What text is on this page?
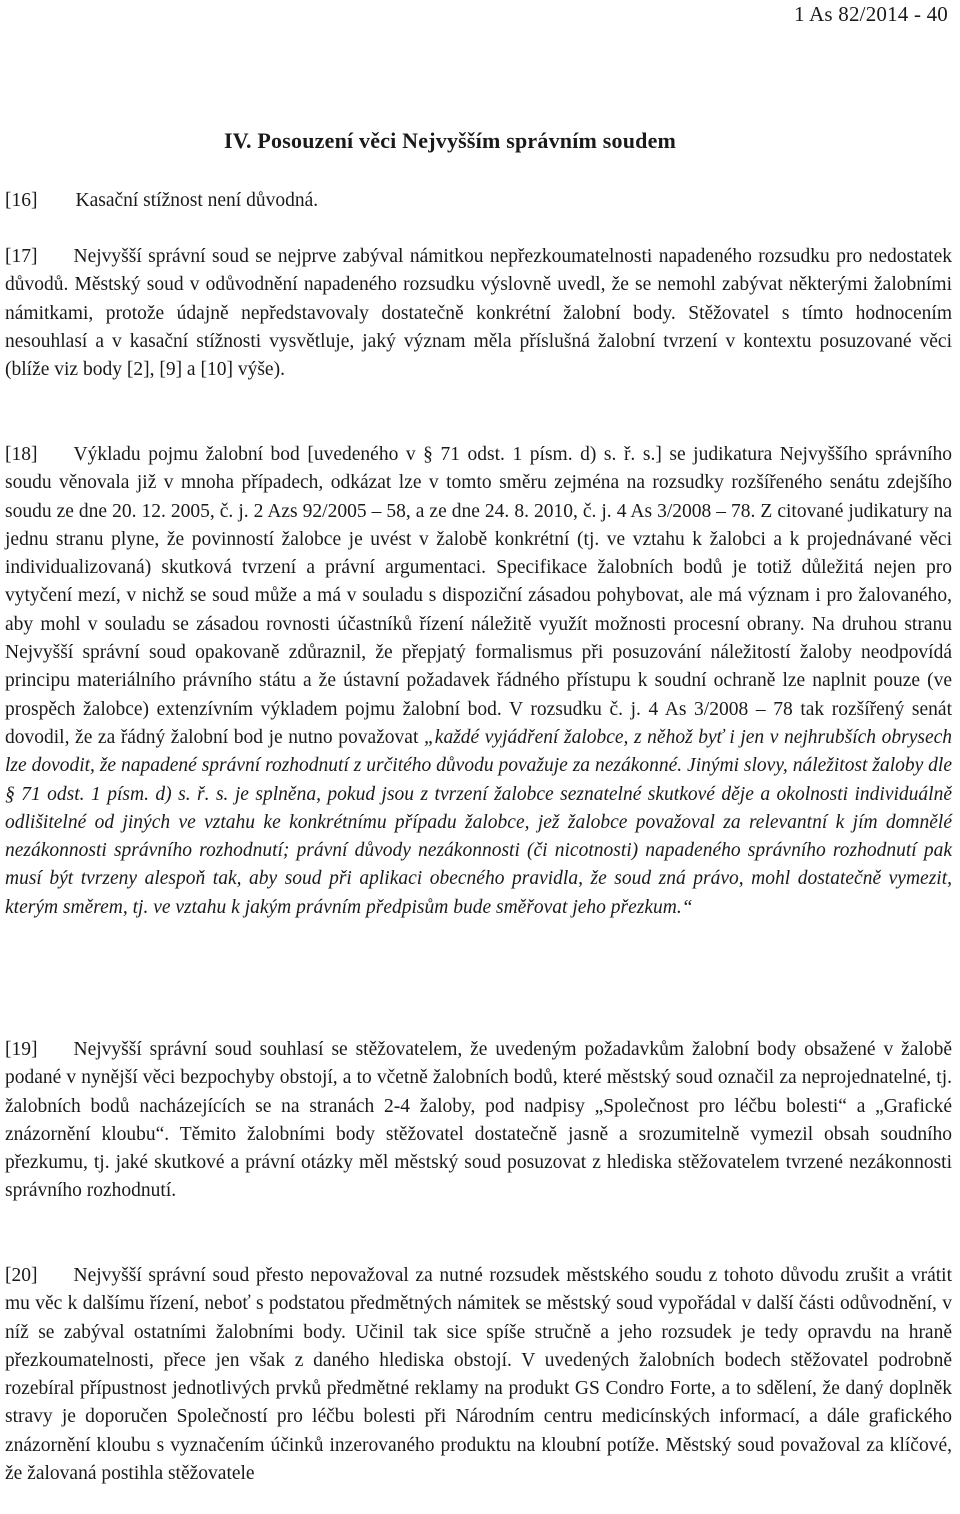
1 As 82/2014 - 40
IV. Posouzení věci Nejvyšším správním soudem
[16] Kasační stížnost není důvodná.
[17] Nejvyšší správní soud se nejprve zabýval námitkou nepřezkoumatelnosti napadeného rozsudku pro nedostatek důvodů. Městský soud v odůvodnění napadeného rozsudku výslovně uvedl, že se nemohl zabývat některými žalobními námitkami, protože údajně nepředstavovaly dostatečně konkrétní žalobní body. Stěžovatel s tímto hodnocením nesouhlasí a v kasační stížnosti vysvětluje, jaký význam měla příslušná žalobní tvrzení v kontextu posuzované věci (blíže viz body [2], [9] a [10] výše).
[18] Výkladu pojmu žalobní bod [uvedeného v § 71 odst. 1 písm. d) s. ř. s.] se judikatura Nejvyššího správního soudu věnovala již v mnoha případech, odkázat lze v tomto směru zejména na rozsudky rozšířeného senátu zdejšího soudu ze dne 20. 12. 2005, č. j. 2 Azs 92/2005 – 58, a ze dne 24. 8. 2010, č. j. 4 As 3/2008 – 78. Z citované judikatury na jednu stranu plyne, že povinností žalobce je uvést v žalobě konkrétní (tj. ve vztahu k žalobci a k projednávané věci individualizovaná) skutková tvrzení a právní argumentaci. Specifikace žalobních bodů je totiž důležitá nejen pro vytyčení mezí, v nichž se soud může a má v souladu s dispoziční zásadou pohybovat, ale má význam i pro žalovaného, aby mohl v souladu se zásadou rovnosti účastníků řízení náležitě využít možnosti procesní obrany. Na druhou stranu Nejvyšší správní soud opakovaně zdůraznil, že přepjatý formalismus při posuzování náležitostí žaloby neodpovídá principu materiálního právního státu a že ústavní požadavek řádného přístupu k soudní ochraně lze naplnit pouze (ve prospěch žalobce) extenzívním výkladem pojmu žalobní bod. V rozsudku č. j. 4 As 3/2008 – 78 tak rozšířený senát dovodil, že za řádný žalobní bod je nutno považovat „každé vyjádření žalobce, z něhož byť i jen v nejhrubších obrysech lze dovodit, že napadené správní rozhodnutí z určitého důvodu považuje za nezákonné. Jinými slovy, náležitost žaloby dle § 71 odst. 1 písm. d) s. ř. s. je splněna, pokud jsou z tvrzení žalobce seznatelné skutkové děje a okolnosti individuálně odlišitelné od jiných ve vztahu ke konkrétnímu případu žalobce, jež žalobce považoval za relevantní k jím domnělé nezákonnosti správního rozhodnutí; právní důvody nezákonnosti (či nicotnosti) napadeného správního rozhodnutí pak musí být tvrzeny alespoň tak, aby soud při aplikaci obecného pravidla, že soud zná právo, mohl dostatečně vymezit, kterým směrem, tj. ve vztahu k jakým právním předpisům bude směřovat jeho přezkum.“
[19] Nejvyšší správní soud souhlasí se stěžovatelem, že uvedeným požadavkům žalobní body obsažené v žalobě podané v nynější věci bezpochyby obstojí, a to včetně žalobních bodů, které městský soud označil za neprojednatelné, tj. žalobních bodů nacházejících se na stranách 2-4 žaloby, pod nadpisy „Společnost pro léčbu bolesti“ a „Grafické znázornění kloubu“. Těmito žalobními body stěžovatel dostatečně jasně a srozumitelně vymezil obsah soudního přezkumu, tj. jaké skutkové a právní otázky měl městský soud posuzovat z hlediska stěžovatelem tvrzené nezákonnosti správního rozhodnutí.
[20] Nejvyšší správní soud přesto nepovažoval za nutné rozsudek městského soudu z tohoto důvodu zrušit a vrátit mu věc k dalšímu řízení, neboť s podstatou předmětných námitek se městský soud vypořádal v další části odůvodnění, v níž se zabýval ostatními žalobními body. Učinil tak sice spíše stručně a jeho rozsudek je tedy opravdu na hraně přezkoumatelnosti, přece jen však z daného hlediska obstojí. V uvedených žalobních bodech stěžovatel podrobně rozebíral přípustnost jednotlivých prvků předmětné reklamy na produkt GS Condro Forte, a to sdělení, že daný doplněk stravy je doporučen Společností pro léčbu bolesti při Národním centru medicínských informací, a dále grafického znázornění kloubu s vyznačením účinků inzerovaného produktu na kloubní potíže. Městský soud považoval za klíčové, že žalovaná postihla stěžovatele
